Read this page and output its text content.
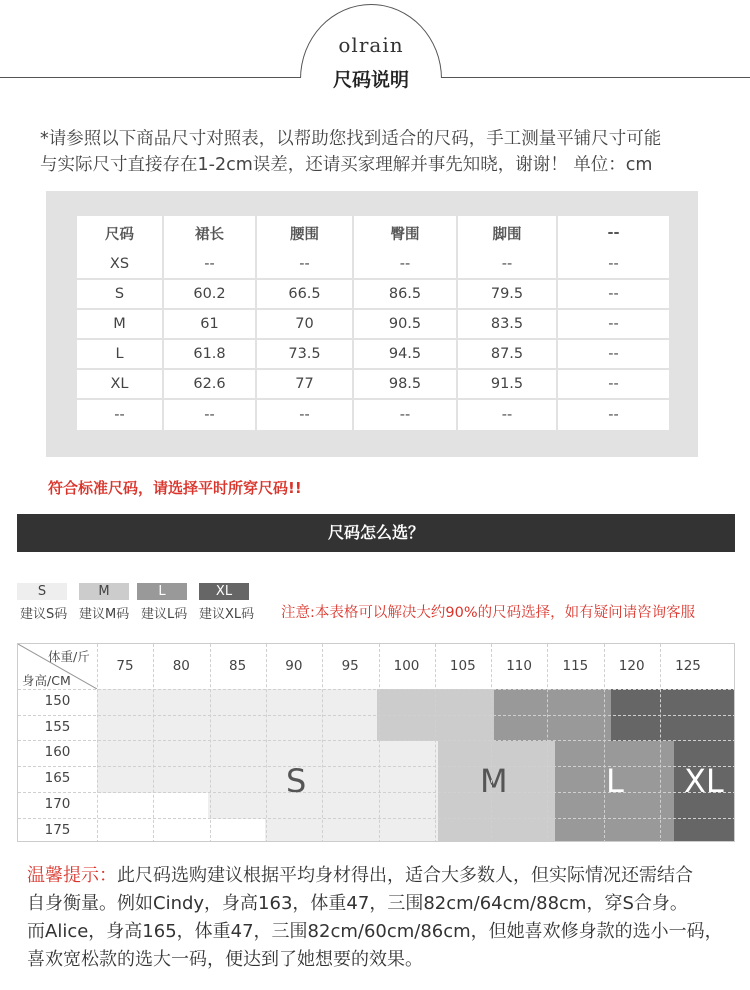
olrain
尺码说明
*请参照以下商品尺寸对照表，以帮助您找到适合的尺码，手工测量平铺尺寸可能
与实际尺寸直接存在1-2cm误差，还请买家理解并事先知晓，谢谢！ 单位：cm
尺码	裙长	腰围	臀围	脚围	--
XS	--	--	--	--	--
S	60.2	66.5	86.5	79.5	--
M	61	70	90.5	83.5	--
L	61.8	73.5	94.5	87.5	--
XL	62.6	77	98.5	91.5	--
--	--	--	--	--	--
符合标准尺码，请选择平时所穿尺码!!
尺码怎么选？
S	M	L	XL
建议S码 建议M码 建议L码 建议XL码 注意:本表格可以解决大约90%的尺码选择，如有疑问请咨询客服
体重/斤
身高/CM
S	M	L XL
75	80	85	90	95	100	105	110	115	120	125
150
155
160
165
170
175
温馨提示：此尺码选购建议根据平均身材得出，适合大多数人，但实际情况还需结合
自身衡量。例如Cindy，身高163，体重47，三围82cm/64cm/88cm，穿S合身。
而Alice，身高165，体重47，三围82cm/60cm/86cm，但她喜欢修身款的选小一码，
喜欢宽松款的选大一码，便达到了她想要的效果。
